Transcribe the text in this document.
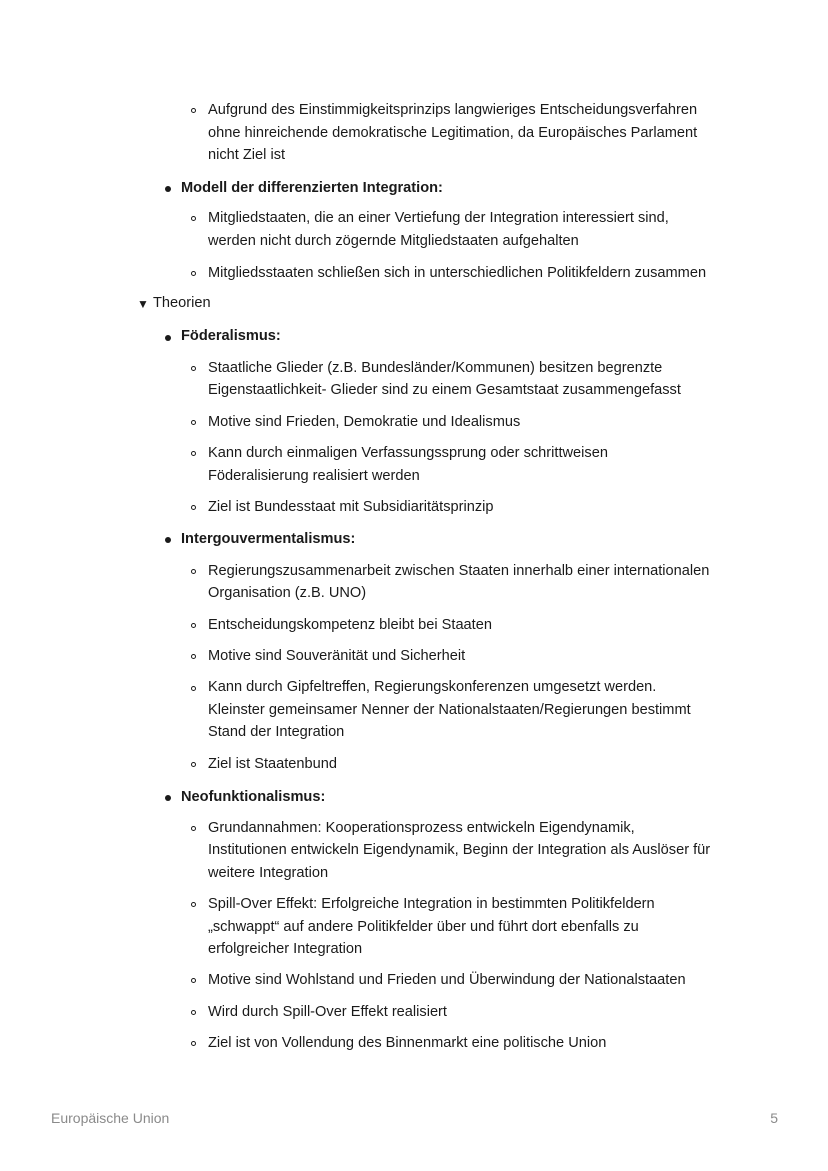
Aufgrund des Einstimmigkeitsprinzips langwieriges Entscheidungsverfahren
ohne hinreichende demokratische Legitimation, da Europäisches Parlament
nicht Ziel ist
Modell der differenzierten Integration:
Mitgliedstaaten, die an einer Vertiefung der Integration interessiert sind,
werden nicht durch zögernde Mitgliedstaaten aufgehalten
Mitgliedsstaaten schließen sich in unterschiedlichen Politikfeldern zusammen
▼ Theorien
Föderalismus:
Staatliche Glieder (z.B. Bundesländer/Kommunen) besitzen begrenzte
Eigenstaatlichkeit- Glieder sind zu einem Gesamtstaat zusammengefasst
Motive sind Frieden, Demokratie und Idealismus
Kann durch einmaligen Verfassungssprung oder schrittweisen
Föderalisierung realisiert werden
Ziel ist Bundesstaat mit Subsidiaritätsprinzip
Intergouvermentalismus:
Regierungszusammenarbeit zwischen Staaten innerhalb einer internationalen
Organisation (z.B. UNO)
Entscheidungskompetenz bleibt bei Staaten
Motive sind Souveränität und Sicherheit
Kann durch Gipfeltreffen, Regierungskonferenzen umgesetzt werden.
Kleinster gemeinsamer Nenner der Nationalstaaten/Regierungen bestimmt
Stand der Integration
Ziel ist Staatenbund
Neofunktionalismus:
Grundannahmen: Kooperationsprozess entwickeln Eigendynamik,
Institutionen entwickeln Eigendynamik, Beginn der Integration als Auslöser für
weitere Integration
Spill-Over Effekt: Erfolgreiche Integration in bestimmten Politikfeldern
„schwappt“ auf andere Politikfelder über und führt dort ebenfalls zu
erfolgreicher Integration
Motive sind Wohlstand und Frieden und Überwindung der Nationalstaaten
Wird durch Spill-Over Effekt realisiert
Ziel ist von Vollendung des Binnenmarkt eine politische Union
Europäische Union	5
